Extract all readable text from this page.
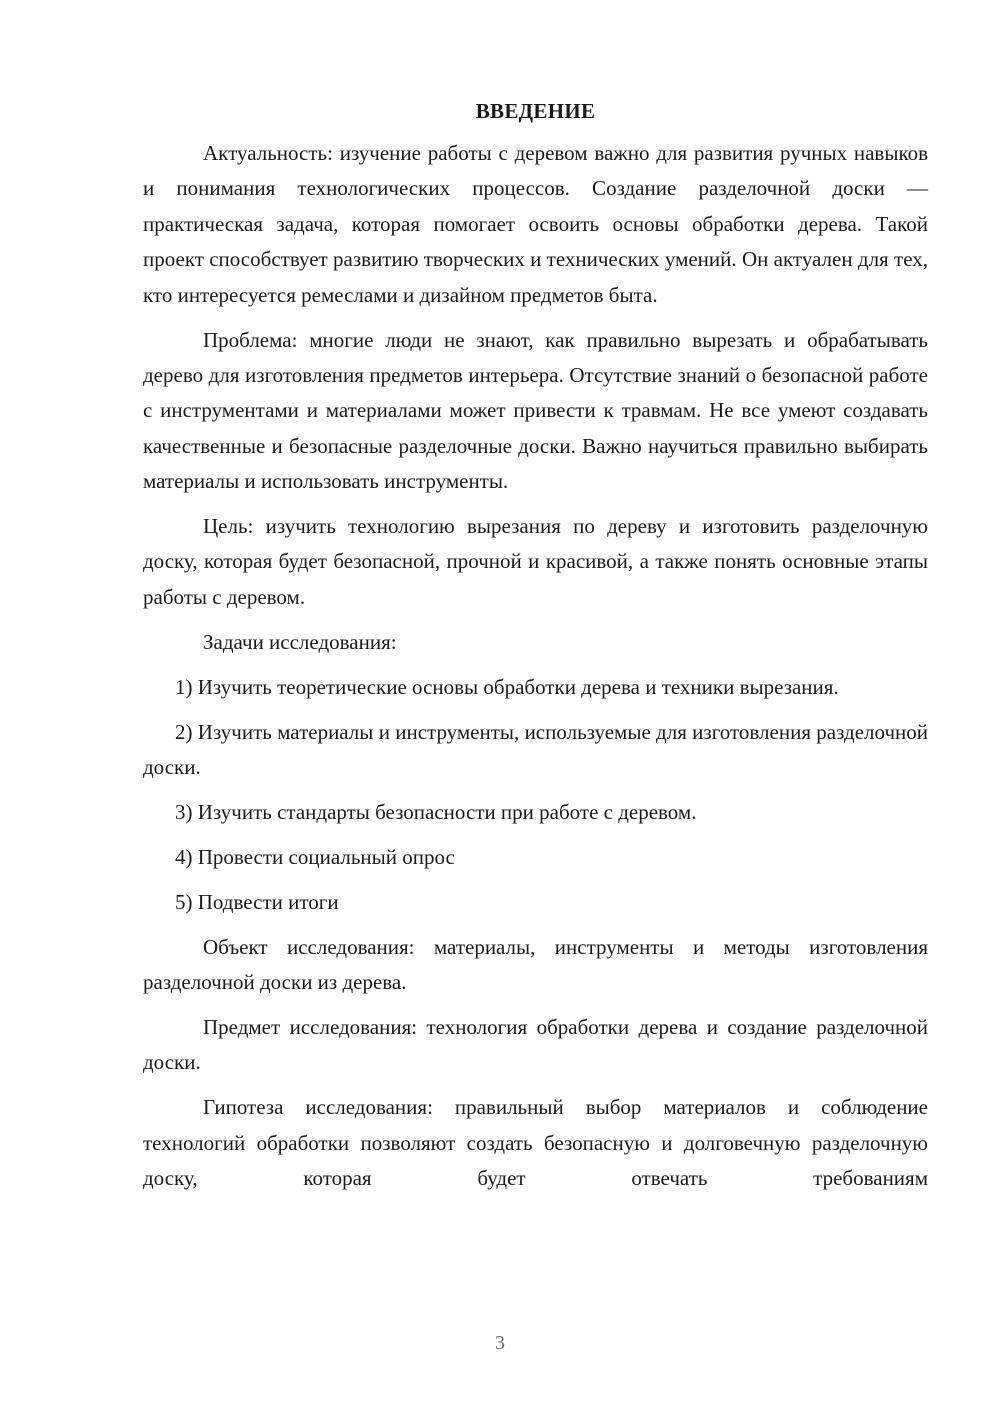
ВВЕДЕНИЕ

Актуальность: изучение работы с деревом важно для развития ручных навыков и понимания технологических процессов. Создание разделочной доски — практическая задача, которая помогает освоить основы обработки дерева. Такой проект способствует развитию творческих и технических умений. Он актуален для тех, кто интересуется ремеслами и дизайном предметов быта.

Проблема: многие люди не знают, как правильно вырезать и обрабатывать дерево для изготовления предметов интерьера. Отсутствие знаний о безопасной работе с инструментами и материалами может привести к травмам. Не все умеют создавать качественные и безопасные разделочные доски. Важно научиться правильно выбирать материалы и использовать инструменты.

Цель: изучить технологию вырезания по дереву и изготовить разделочную доску, которая будет безопасной, прочной и красивой, а также понять основные этапы работы с деревом.

Задачи исследования:

1) Изучить теоретические основы обработки дерева и техники вырезания.

2) Изучить материалы и инструменты, используемые для изготовления разделочной доски.

3) Изучить стандарты безопасности при работе с деревом.

4) Провести социальный опрос

5) Подвести итоги

Объект исследования: материалы, инструменты и методы изготовления разделочной доски из дерева.

Предмет исследования: технология обработки дерева и создание разделочной доски.

Гипотеза исследования: правильный выбор материалов и соблюдение технологий обработки позволяют создать безопасную и долговечную разделочную доску, которая будет отвечать требованиям

3
